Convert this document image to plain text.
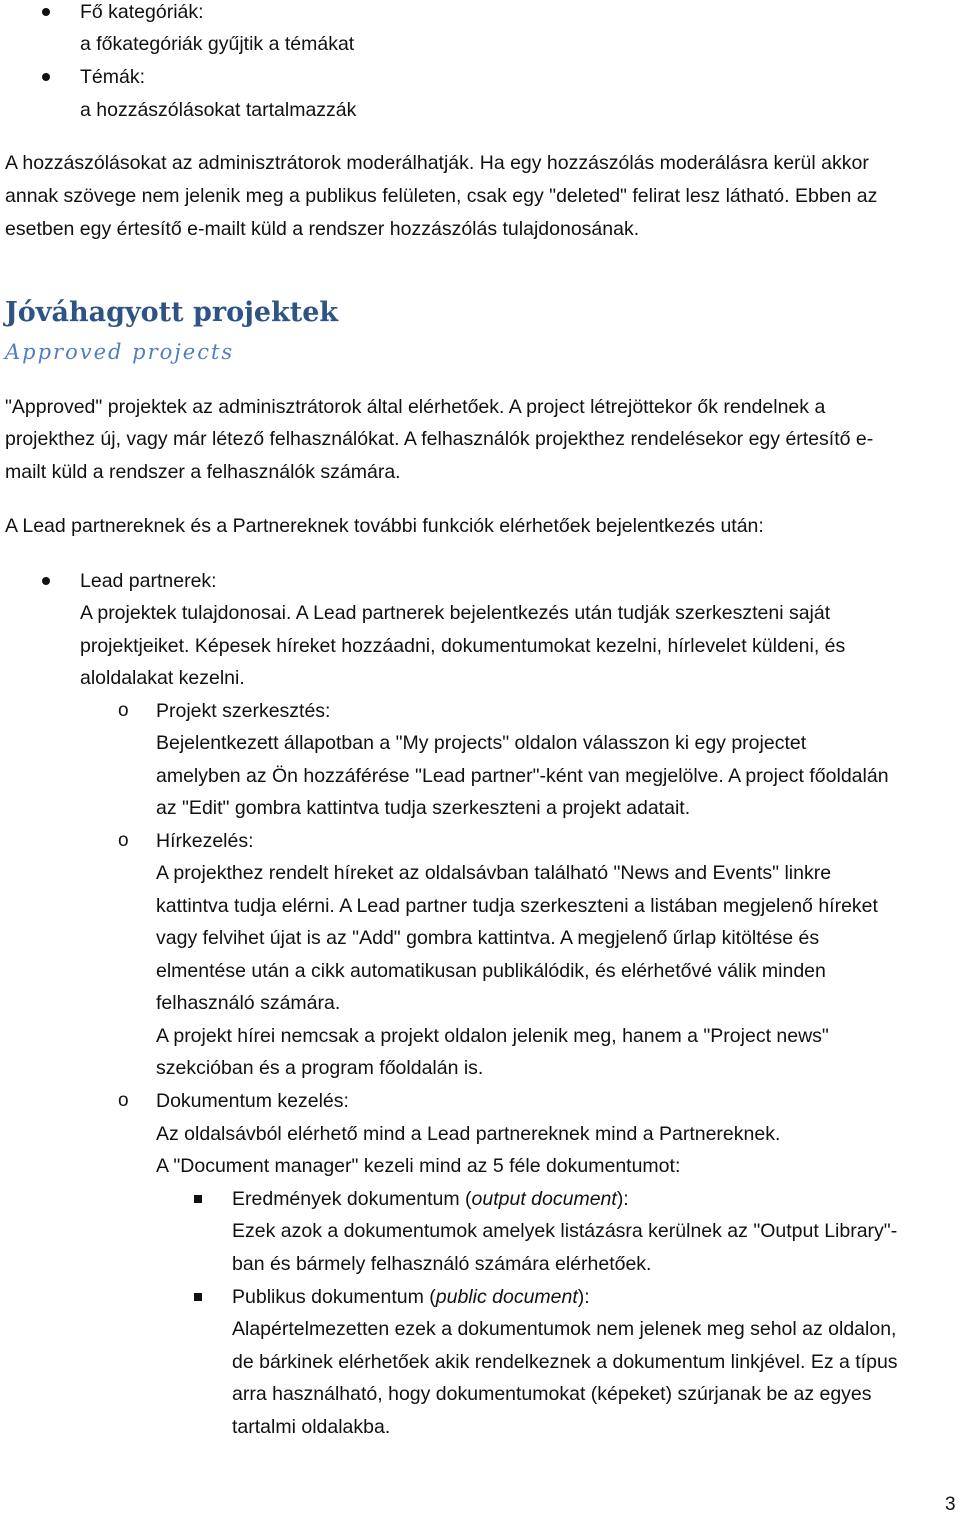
Fő kategóriák:
a főkategóriák gyűjtik a témákat
Témák:
a hozzászólásokat tartalmazzák
A hozzászólásokat az adminisztrátorok moderálhatják. Ha egy hozzászólás moderálásra kerül akkor
annak szövege nem jelenik meg a publikus felületen, csak egy "deleted" felirat lesz látható. Ebben az
esetben egy értesítő e-mailt küld a rendszer hozzászólás tulajdonosának.
Jóváhagyott projektek
Approved projects
"Approved" projektek az adminisztrátorok által elérhetőek. A project létrejöttekor ők rendelnek a
projekthez új, vagy már létező felhasználókat. A felhasználók projekthez rendelésekor egy értesítő e-
mailt küld a rendszer a felhasználók számára.
A Lead partnereknek és a Partnereknek további funkciók elérhetőek bejelentkezés után:
Lead partnerek:
A projektek tulajdonosai. A Lead partnerek bejelentkezés után tudják szerkeszteni saját
projektjeiket. Képesek híreket hozzáadni, dokumentumokat kezelni, hírlevelet küldeni, és
aloldalakat kezelni.
o Projekt szerkesztés:
Bejelentkezett állapotban a "My projects" oldalon válasszon ki egy projectet
amelyben az Ön hozzáférése "Lead partner"-ként van megjelölve. A project főoldalán
az "Edit" gombra kattintva tudja szerkeszteni a projekt adatait.
o Hírkezelés:
A projekthez rendelt híreket az oldalsávban található "News and Events" linkre
kattintva tudja elérni. A Lead partner tudja szerkeszteni a listában megjelenő híreket
vagy felvihet újat is az "Add" gombra kattintva. A megjelenő űrlap kitöltése és
elmentése után a cikk automatikusan publikálódik, és elérhetővé válik minden
felhasználó számára.
A projekt hírei nemcsak a projekt oldalon jelenik meg, hanem a "Project news"
szekcióban és a program főoldalán is.
o Dokumentum kezelés:
Az oldalsávból elérhető mind a Lead partnereknek mind a Partnereknek.
A "Document manager" kezeli mind az 5 féle dokumentumot:
Eredmények dokumentum (output document):
Ezek azok a dokumentumok amelyek listázásra kerülnek az "Output Library"-
ban és bármely felhasználó számára elérhetőek.
Publikus dokumentum (public document):
Alapértelmezetten ezek a dokumentumok nem jelenek meg sehol az oldalon,
de bárkinek elérhetőek akik rendelkeznek a dokumentum linkjével. Ez a típus
arra használható, hogy dokumentumokat (képeket) szúrjanak be az egyes
tartalmi oldalakba.
3
